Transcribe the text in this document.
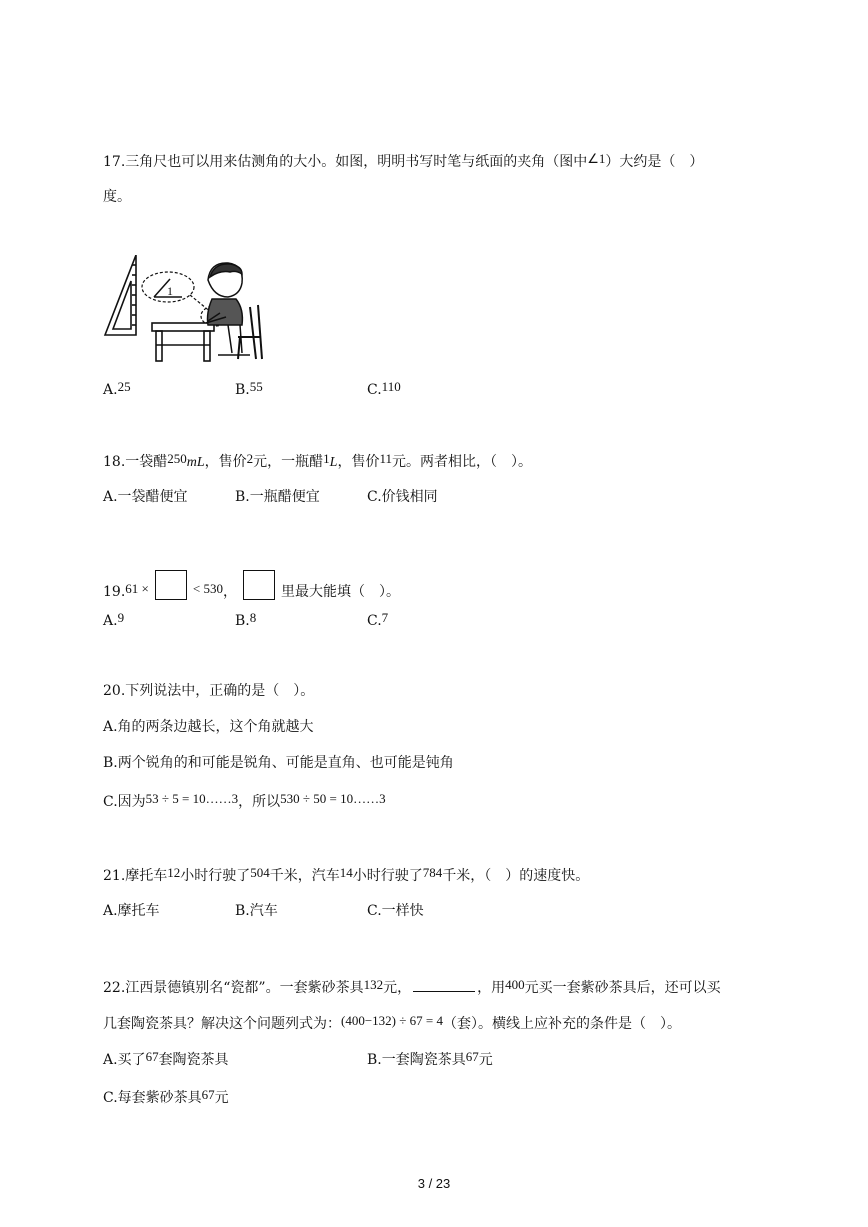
17.三角尺也可以用来估测角的大小。如图，明明书写时笔与纸面的夹角（图中∠1）大约是（　）
度。
1
A.25	B.55	C.110
18.一袋醋250mL，售价2元，一瓶醋1L，售价11元。两者相比，（　）。
A.一袋醋便宜	B.一瓶醋便宜	C.价钱相同
19.61 ×	< 530，	里最大能填（　）。
A.9	B.8	C.7
20.下列说法中，正确的是（　）。
A.角的两条边越长，这个角就越大
B.两个锐角的和可能是锐角、可能是直角、也可能是钝角
C.因为53 ÷ 5 = 10……3，所以530 ÷ 50 = 10……3
21.摩托车12小时行驶了504千米，汽车14小时行驶了784千米，（　）的速度快。
A.摩托车	B.汽车	C.一样快
22.江西景德镇别名“瓷都”。一套紫砂茶具132元，	，用400元买一套紫砂茶具后，还可以买
几套陶瓷茶具？解决这个问题列式为：(400−132) ÷ 67 = 4（套）。横线上应补充的条件是（　）。
A.买了67套陶瓷茶具	B.一套陶瓷茶具67元
C.每套紫砂茶具67元
3 / 23
